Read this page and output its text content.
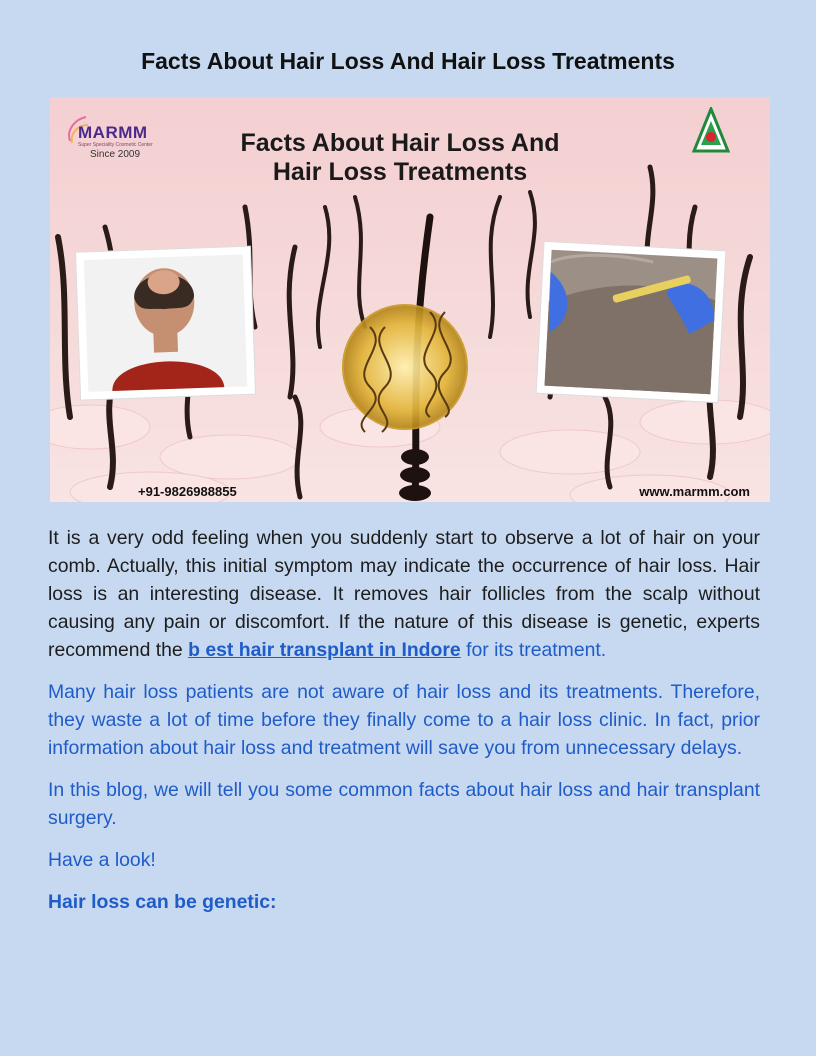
Facts About Hair Loss And Hair Loss Treatments
MARMM
Super Speciality Cosmetic Center
Since 2009	Facts About Hair Loss And
Hair Loss Treatments
+91-9826988855	www.marmm.com

It is a very odd feeling when you suddenly start to observe a lot of hair on your comb. Actually, this initial symptom may indicate the occurrence of hair loss. Hair loss is an interesting disease. It removes hair follicles from the scalp without causing any pain or discomfort. If the nature of this disease is genetic, experts recommend the b est hair transplant in Indore for its treatment.

Many hair loss patients are not aware of hair loss and its treatments. Therefore, they waste a lot of time before they finally come to a hair loss clinic. In fact, prior information about hair loss and treatment will save you from unnecessary delays.

In this blog, we will tell you some common facts about hair loss and hair transplant surgery.

Have a look!

Hair loss can be genetic:
